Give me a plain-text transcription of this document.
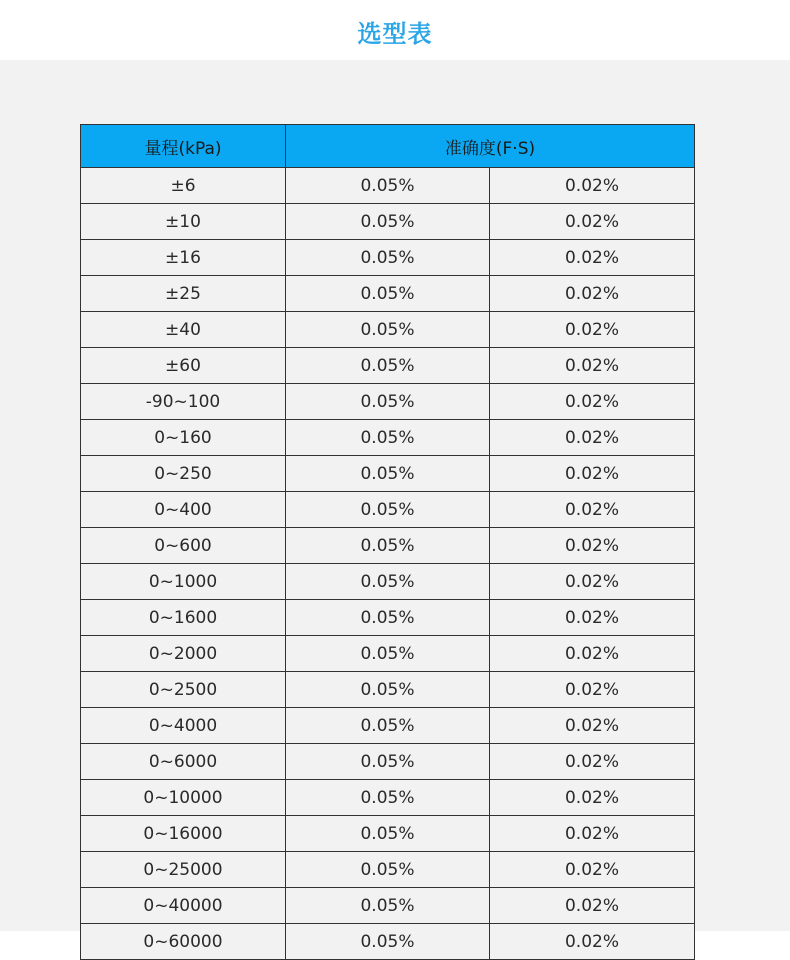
选型表
量程(kPa)	准确度(F·S)	
±6	0.05%	0.02%
±10	0.05%	0.02%
±16	0.05%	0.02%
±25	0.05%	0.02%
±40	0.05%	0.02%
±60	0.05%	0.02%
-90~100	0.05%	0.02%
0~160	0.05%	0.02%
0~250	0.05%	0.02%
0~400	0.05%	0.02%
0~600	0.05%	0.02%
0~1000	0.05%	0.02%
0~1600	0.05%	0.02%
0~2000	0.05%	0.02%
0~2500	0.05%	0.02%
0~4000	0.05%	0.02%
0~6000	0.05%	0.02%
0~10000	0.05%	0.02%
0~16000	0.05%	0.02%
0~25000	0.05%	0.02%
0~40000	0.05%	0.02%
0~60000	0.05%	0.02%
